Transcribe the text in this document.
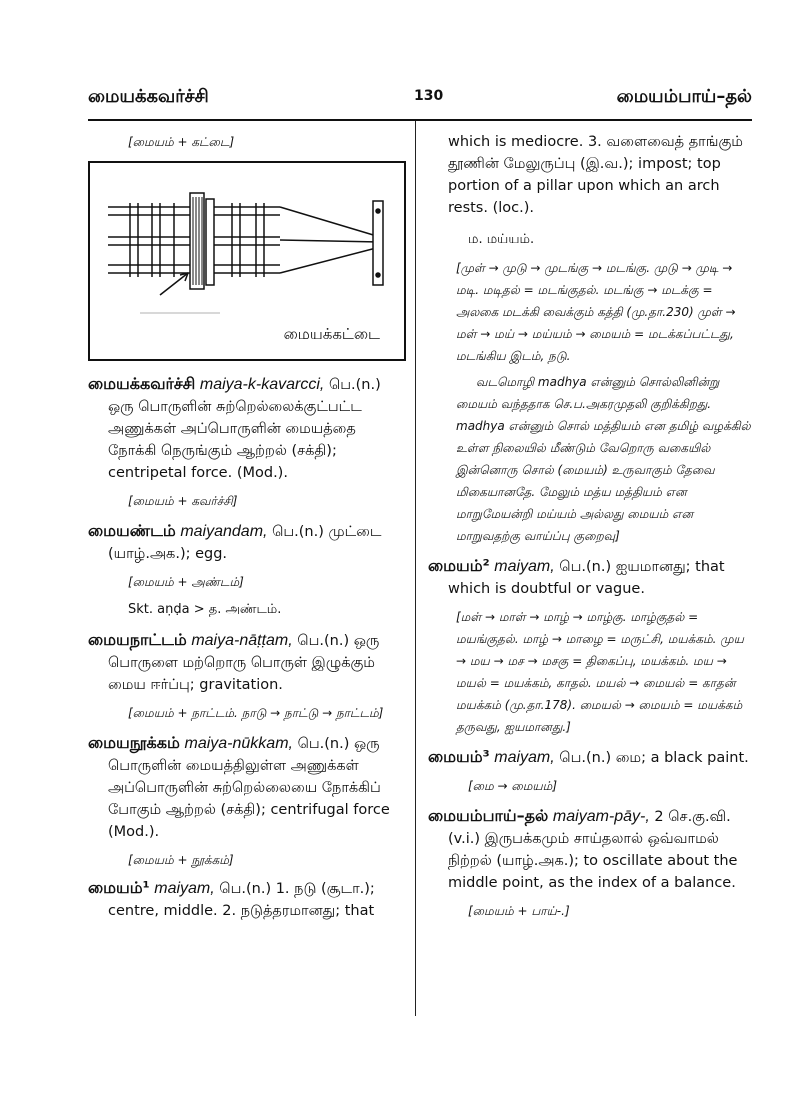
மையக்கவர்ச்சி	130	மையம்பாய்–தல்

[மையம் + கட்டை]

மையக்கட்டை

மையக்கவர்ச்சி maiya-k-kavarcci, பெ.(n.) ஒரு பொருளின் சுற்றெல்லைக்குட்பட்ட அணுக்கள் அப்பொருளின் மையத்தை நோக்கி நெருங்கும் ஆற்றல் (சக்தி); centripetal force. (Mod.).

[மையம் + கவர்ச்சி]

மையண்டம் maiyandam, பெ.(n.) முட்டை (யாழ்.அக.); egg.

[மையம் + அண்டம்]

Skt. aṇḍa > த. அண்டம்.

மையநாட்டம் maiya-nāṭṭam, பெ.(n.) ஒரு பொருளை மற்றொரு பொருள் இழுக்கும் மைய ஈர்ப்பு; gravitation.

[மையம் + நாட்டம். நாடு → நாட்டு → நாட்டம்]

மையநூக்கம் maiya-nūkkam, பெ.(n.) ஒரு பொருளின் மையத்திலுள்ள அணுக்கள் அப்பொருளின் சுற்றெல்லையை நோக்கிப் போகும் ஆற்றல் (சக்தி); centrifugal force (Mod.).

[மையம் + நூக்கம்]

மையம்¹ maiyam, பெ.(n.) 1. நடு (சூடா.); centre, middle. 2. நடுத்தரமானது; that

which is mediocre. 3. வளைவைத் தாங்கும் தூணின் மேலுருப்பு (இ.வ.); impost; top portion of a pillar upon which an arch rests. (loc.).

ம. மய்யம்.

[முள் → முடு → முடங்கு → மடங்கு. முடு → முடி → மடி. மடிதல் = மடங்குதல். மடங்கு → மடக்கு = அலகை மடக்கி வைக்கும் கத்தி (மு.தா.230) முள் → மள் → மய் → மய்யம் → மையம் = மடக்கப்பட்டது, மடங்கிய இடம், நடு.

வடமொழி madhya என்னும் சொல்லினின்று மையம் வந்ததாக செ.ப.அகரமுதலி குறிக்கிறது. madhya என்னும் சொல் மத்தியம் என தமிழ் வழக்கில் உள்ள நிலையில் மீண்டும் வேறொரு வகையில் இன்னொரு சொல் (மையம்) உருவாகும் தேவை மிகையானதே. மேலும் மத்ய மத்தியம் என மாறுமேயன்றி மய்யம் அல்லது மையம் என மாறுவதற்கு வாய்ப்பு குறைவு]

மையம்² maiyam, பெ.(n.) ஐயமானது; that which is doubtful or vague.

[மள் → மாள் → மாழ் → மாழ்கு. மாழ்குதல் = மயங்குதல். மாழ் → மாழை = மருட்சி, மயக்கம். முய → மய → மச → மசகு = திகைப்பு, மயக்கம். மய → மயல் = மயக்கம், காதல். மயல் → மையல் = காதன் மயக்கம் (மு.தா.178). மையல் → மையம் = மயக்கம் தருவது, ஐயமானது.]

மையம்³ maiyam, பெ.(n.) மை; a black paint.

[மை → மையம்]

மையம்பாய்–தல் maiyam-pāy-, 2 செ.கு.வி. (v.i.) இருபக்கமும் சாய்தலால் ஒவ்வாமல் நிற்றல் (யாழ்.அக.); to oscillate about the middle point, as the index of a balance.

[மையம் + பாய்-.]
